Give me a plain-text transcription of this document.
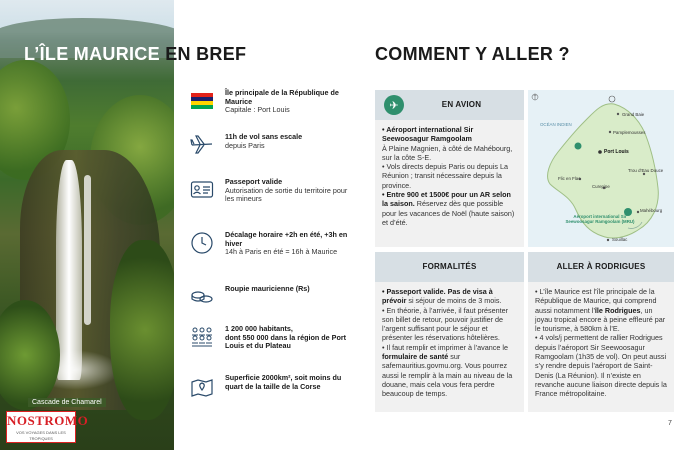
Cascade de Chamarel
NOSTROMO
VOS VOYAGES DANS LES TROPIQUES
L’ÎLE MAURICE EN BREF	COMMENT Y ALLER ?
Île principale de la République de Maurice
Capitale : Port Louis
11h de vol sans escale
depuis Paris
Passeport valide
Autorisation de sortie du territoire pour les mineurs
Décalage horaire +2h en été, +3h en hiver
14h à Paris en été = 16h à Maurice
Roupie mauricienne (Rs)
1 200 000 habitants,
dont 550 000 dans la région de Port Louis et du Plateau
Superficie 2000km², soit moins du quart de la taille de la Corse
✈	EN AVION

• Aéroport international Sir Seewoosagur Ramgoolam

À Plaine Magnien, à côté de Mahébourg, sur la côte S-E.

• Vols directs depuis Paris ou depuis La Réunion ; transit nécessaire depuis la province.

• Entre 900 et 1500€ pour un AR selon la saison. Réservez dès que possible pour les vacances de Noël (haute saison) et d’été.

OCÉAN INDIEN
Grand Baie
Pamplemousses
Port Louis
Flic en Flac
Curepipe
Trou d’Eau Douce
Mahébourg
Souillac
Aéroport international Sir Seewoosagur Ramgoolam (MRU)
FORMALITÉS

• Passeport valide. Pas de visa à prévoir si séjour de moins de 3 mois.

• En théorie, à l’arrivée, il faut présenter son billet de retour, pouvoir justifier de l’argent suffisant pour le séjour et présenter les réservations hôtelières.

• Il faut remplir et imprimer à l’avance le formulaire de santé sur safemauritius.govmu.org. Vous pourrez aussi le remplir à la main au niveau de la douane, mais cela vous fera perdre beaucoup de temps.

ALLER À RODRIGUES

• L’île Maurice est l’île principale de la République de Maurice, qui comprend aussi notamment l’île Rodrigues, un joyau tropical encore à peine effleuré par le tourisme, à 580km à l’E.

• 4 vols/j permettent de rallier Rodrigues depuis l’aéroport Sir Seewoosagur Ramgoolam (1h35 de vol). On peut aussi s’y rendre depuis l’aéroport de Saint-Denis (La Réunion). Il n’existe en revanche aucune liaison directe depuis la France métropolitaine.

7
